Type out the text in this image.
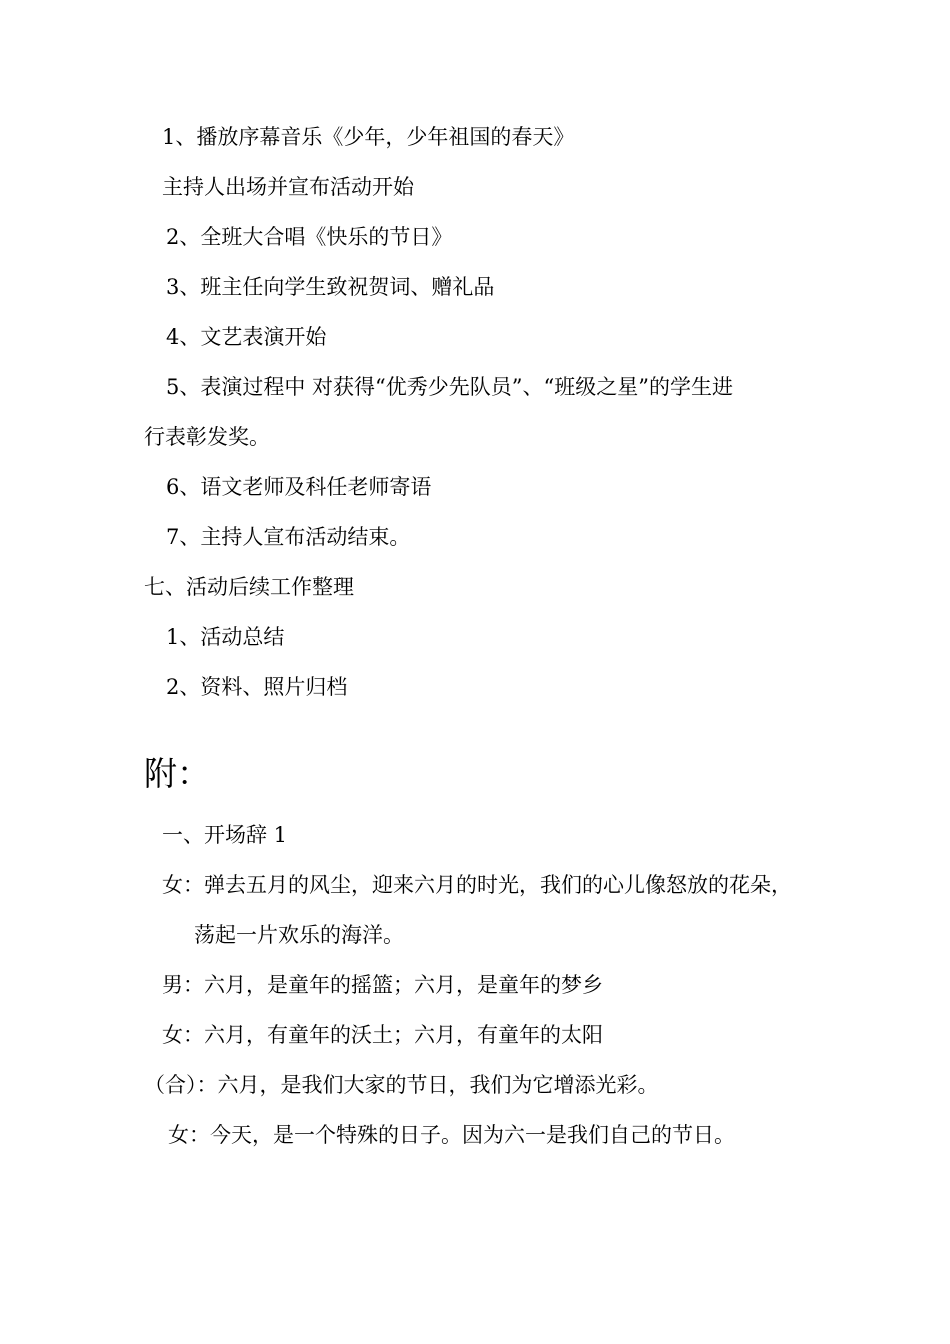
1、播放序幕音乐《少年，少年祖国的春天》
主持人出场并宣布活动开始
2、全班大合唱《快乐的节日》
3、班主任向学生致祝贺词、赠礼品
4、文艺表演开始
5、表演过程中 对获得“优秀少先队员”、“班级之星”的学生进
行表彰发奖。
6、语文老师及科任老师寄语
7、主持人宣布活动结束。
七、活动后续工作整理
1、活动总结
2、资料、照片归档
附：
一、开场辞 1
女：弹去五月的风尘，迎来六月的时光，我们的心儿像怒放的花朵，
荡起一片欢乐的海洋。
男：六月，是童年的摇篮；六月，是童年的梦乡
女：六月，有童年的沃土；六月，有童年的太阳
（合）：六月，是我们大家的节日，我们为它增添光彩。
女：今天，是一个特殊的日子。因为六一是我们自己的节日。
